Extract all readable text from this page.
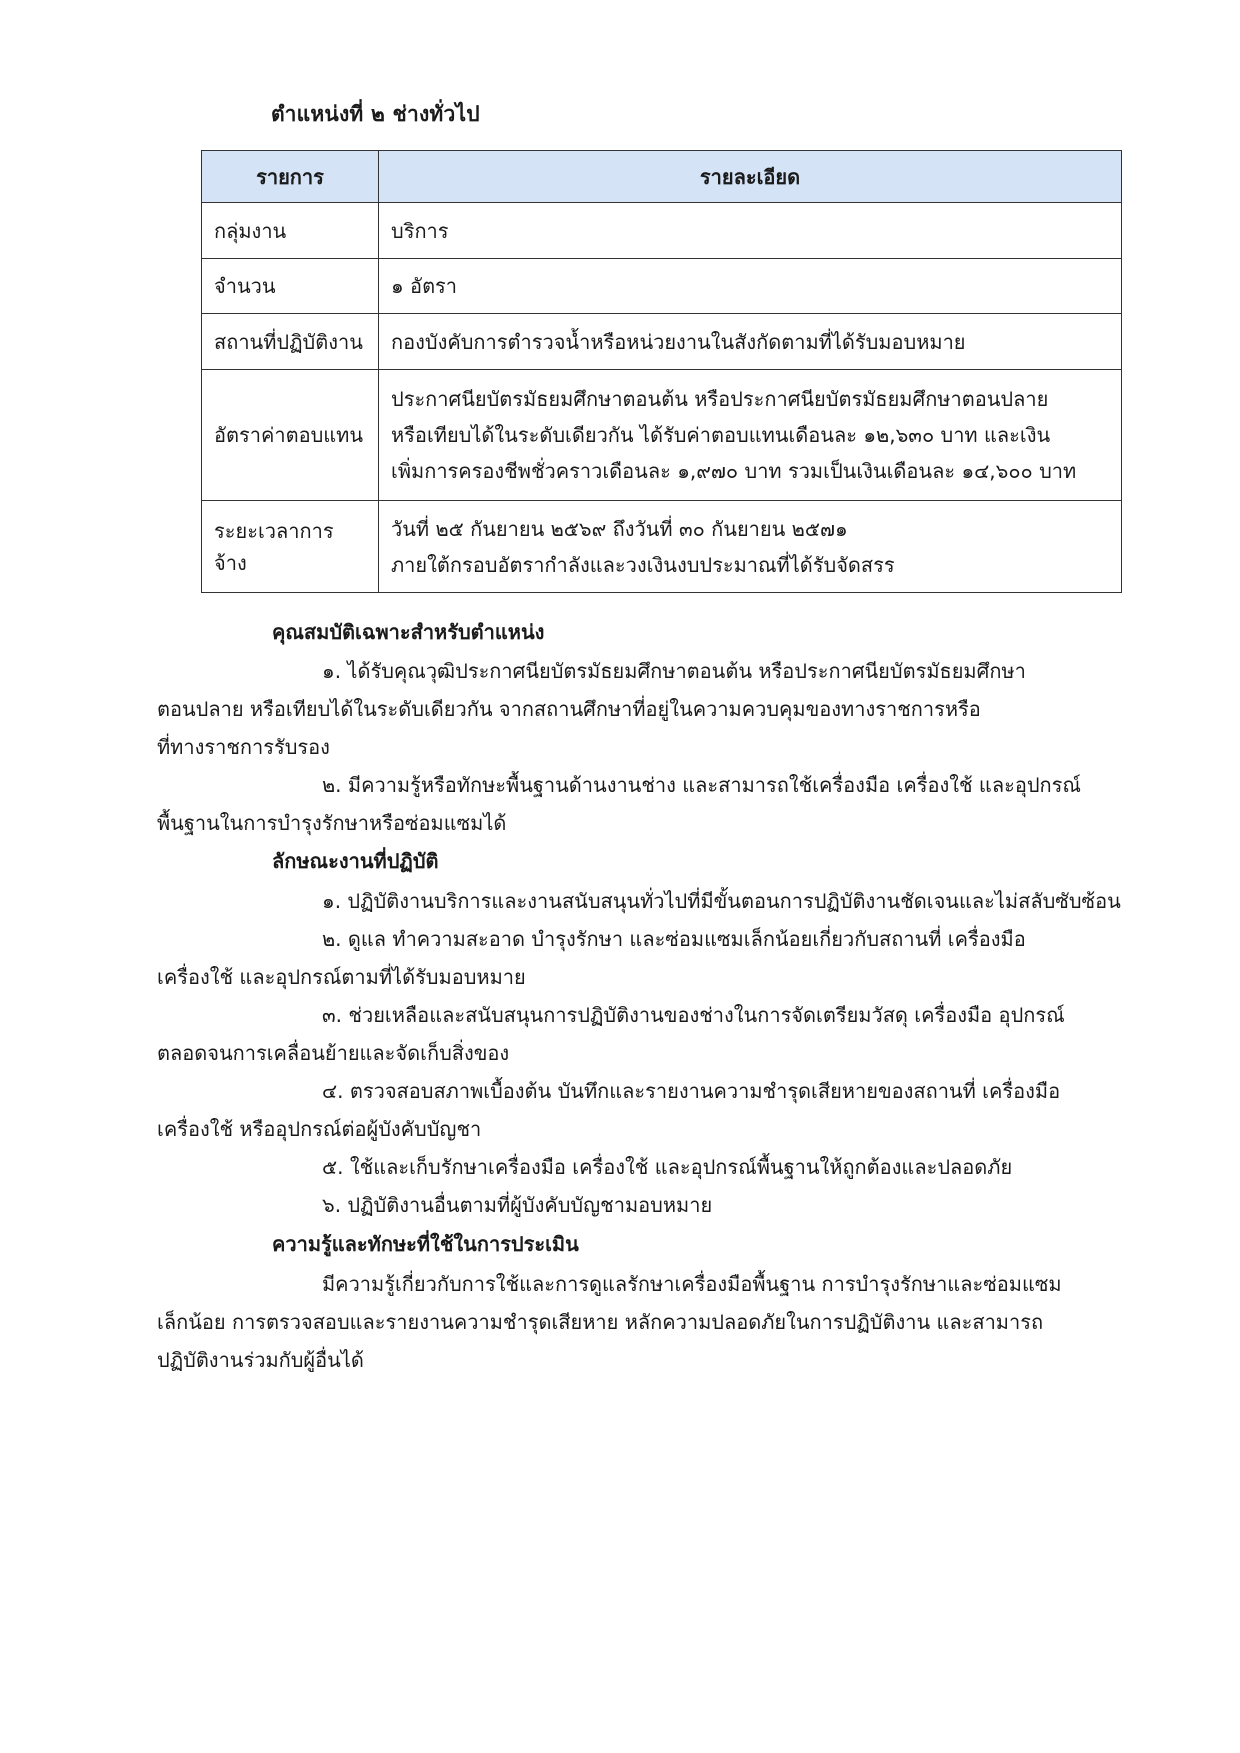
ตำแหน่งที่ ๒ ช่างทั่วไป
รายการ	รายละเอียด
กลุ่มงาน	บริการ

จำนวน	๑ อัตรา

สถานที่ปฏิบัติงาน	กองบังคับการตำรวจน้ำหรือหน่วยงานในสังกัดตามที่ได้รับมอบหมาย

อัตราค่าตอบแทน	ประกาศนียบัตรมัธยมศึกษาตอนต้น หรือประกาศนียบัตรมัธยมศึกษาตอนปลาย
หรือเทียบได้ในระดับเดียวกัน ได้รับค่าตอบแทนเดือนละ ๑๒,๖๓๐ บาท และเงิน
เพิ่มการครองชีพชั่วคราวเดือนละ ๑,๙๗๐ บาท รวมเป็นเงินเดือนละ ๑๔,๖๐๐ บาท

ระยะเวลาการจ้าง	วันที่ ๒๕ กันยายน ๒๕๖๙ ถึงวันที่ ๓๐ กันยายน ๒๕๗๑
ภายใต้กรอบอัตรากำลังและวงเงินงบประมาณที่ได้รับจัดสรร
คุณสมบัติเฉพาะสำหรับตำแหน่ง
๑. ได้รับคุณวุฒิประกาศนียบัตรมัธยมศึกษาตอนต้น หรือประกาศนียบัตรมัธยมศึกษา
ตอนปลาย หรือเทียบได้ในระดับเดียวกัน จากสถานศึกษาที่อยู่ในความควบคุมของทางราชการหรือ
ที่ทางราชการรับรอง
๒. มีความรู้หรือทักษะพื้นฐานด้านงานช่าง และสามารถใช้เครื่องมือ เครื่องใช้ และอุปกรณ์
พื้นฐานในการบำรุงรักษาหรือซ่อมแซมได้
ลักษณะงานที่ปฏิบัติ
๑. ปฏิบัติงานบริการและงานสนับสนุนทั่วไปที่มีขั้นตอนการปฏิบัติงานชัดเจนและไม่สลับซับซ้อน
๒. ดูแล ทำความสะอาด บำรุงรักษา และซ่อมแซมเล็กน้อยเกี่ยวกับสถานที่ เครื่องมือ
เครื่องใช้ และอุปกรณ์ตามที่ได้รับมอบหมาย
๓. ช่วยเหลือและสนับสนุนการปฏิบัติงานของช่างในการจัดเตรียมวัสดุ เครื่องมือ อุปกรณ์
ตลอดจนการเคลื่อนย้ายและจัดเก็บสิ่งของ
๔. ตรวจสอบสภาพเบื้องต้น บันทึกและรายงานความชำรุดเสียหายของสถานที่ เครื่องมือ
เครื่องใช้ หรืออุปกรณ์ต่อผู้บังคับบัญชา
๕. ใช้และเก็บรักษาเครื่องมือ เครื่องใช้ และอุปกรณ์พื้นฐานให้ถูกต้องและปลอดภัย
๖. ปฏิบัติงานอื่นตามที่ผู้บังคับบัญชามอบหมาย
ความรู้และทักษะที่ใช้ในการประเมิน
มีความรู้เกี่ยวกับการใช้และการดูแลรักษาเครื่องมือพื้นฐาน การบำรุงรักษาและซ่อมแซม
เล็กน้อย การตรวจสอบและรายงานความชำรุดเสียหาย หลักความปลอดภัยในการปฏิบัติงาน และสามารถ
ปฏิบัติงานร่วมกับผู้อื่นได้
